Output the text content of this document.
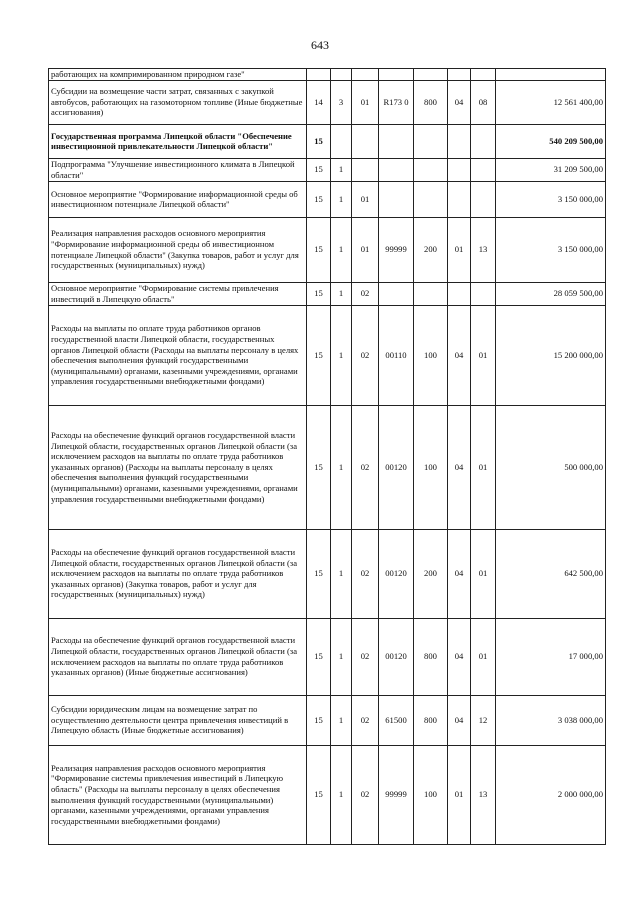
643
работающих на компримированном природном газе"								
Субсидии на возмещение части затрат, связанных с закупкой автобусов, работающих на газомоторном топливе (Иные бюджетные ассигнования)	14	3	01	R173 0	800	04	08	12 561 400,00
Государственная программа Липецкой области "Обеспечение инвестиционной привлекательности Липецкой области"	15							540 209 500,00
Подпрограмма "Улучшение инвестиционного климата в Липецкой области"	15	1						31 209 500,00
Основное мероприятие "Формирование информационной среды об инвестиционном потенциале Липецкой области"	15	1	01					3 150 000,00
Реализация направления расходов основного мероприятия "Формирование информационной среды об инвестиционном потенциале Липецкой области" (Закупка товаров, работ и услуг для государственных (муниципальных) нужд)	15	1	01	99999	200	01	13	3 150 000,00
Основное мероприятие "Формирование системы привлечения инвестиций в Липецкую область"	15	1	02					28 059 500,00
Расходы на выплаты по оплате труда работников органов государственной власти Липецкой области, государственных органов Липецкой области (Расходы на выплаты персоналу в целях обеспечения выполнения функций государственными (муниципальными) органами, казенными учреждениями, органами управления государственными внебюджетными фондами)	15	1	02	00110	100	04	01	15 200 000,00
Расходы на обеспечение функций органов государственной власти Липецкой области, государственных органов Липецкой области (за исключением расходов на выплаты по оплате труда работников указанных органов) (Расходы на выплаты персоналу в целях обеспечения выполнения функций государственными (муниципальными) органами, казенными учреждениями, органами управления государственными внебюджетными фондами)	15	1	02	00120	100	04	01	500 000,00
Расходы на обеспечение функций органов государственной власти Липецкой области, государственных органов Липецкой области (за исключением расходов на выплаты по оплате труда работников указанных органов) (Закупка товаров, работ и услуг для государственных (муниципальных) нужд)	15	1	02	00120	200	04	01	642 500,00
Расходы на обеспечение функций органов государственной власти Липецкой области, государственных органов Липецкой области (за исключением расходов на выплаты по оплате труда работников указанных органов) (Иные бюджетные ассигнования)	15	1	02	00120	800	04	01	17 000,00
Субсидии юридическим лицам на возмещение затрат по осуществлению деятельности центра привлечения инвестиций в Липецкую область (Иные бюджетные ассигнования)	15	1	02	61500	800	04	12	3 038 000,00
Реализация направления расходов основного мероприятия "Формирование системы привлечения инвестиций в Липецкую область" (Расходы на выплаты персоналу в целях обеспечения выполнения функций государственными (муниципальными) органами, казенными учреждениями, органами управления государственными внебюджетными фондами)	15	1	02	99999	100	01	13	2 000 000,00
